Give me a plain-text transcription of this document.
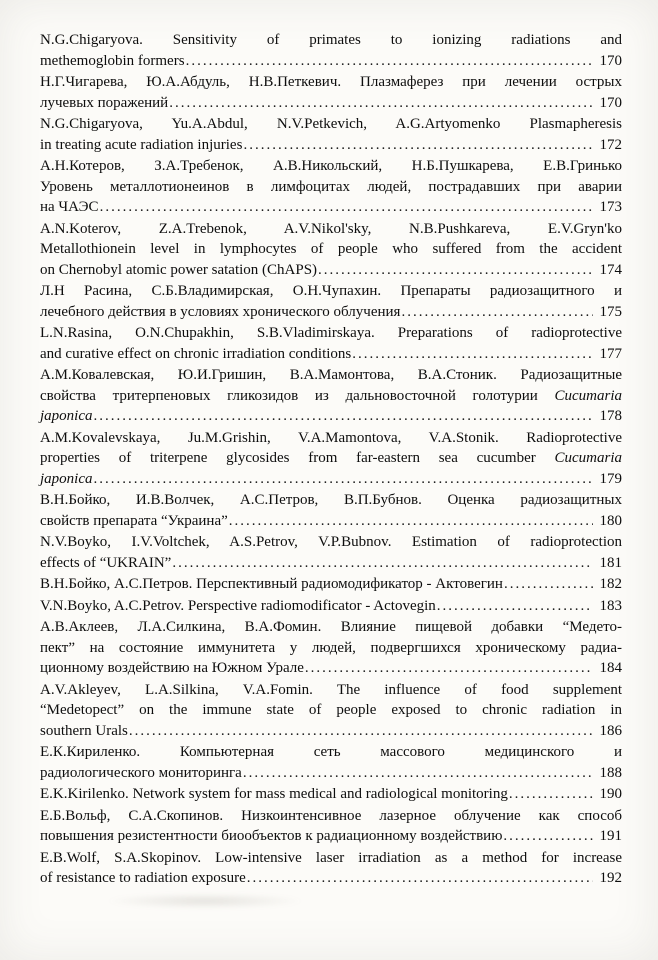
N.G.Chigaryova. Sensitivity of primates to ionizing radiations and
methemoglobin formers .....	170
Н.Г.Чигарева, Ю.А.Абдуль, Н.В.Петкевич. Плазмаферез при лечении острых
лучевых поражений .....	170
N.G.Chigaryova, Yu.A.Abdul, N.V.Petkevich, A.G.Artyomenko Plasmapheresis
in treating acute radiation injuries .....	172
А.Н.Котеров, З.А.Требенок, А.В.Никольский, Н.Б.Пушкарева, Е.В.Гринько
Уровень металлотионеинов в лимфоцитах людей, пострадавших при аварии
на ЧАЭС .....	173
A.N.Koterov, Z.A.Trebenok, A.V.Nikol'sky, N.B.Pushkareva, E.V.Gryn'ko
Metallothionein level in lymphocytes of people who suffered from the accident
on Chernobyl atomic power satation (ChAPS) .....	174
Л.Н Расина, С.Б.Владимирская, О.Н.Чупахин. Препараты радиозащитного и
лечебного действия в условиях хронического облучения .....	175
L.N.Rasina, O.N.Chupakhin, S.B.Vladimirskaya. Preparations of radioprotective
and curative effect on chronic irradiation conditions .....	177
А.М.Ковалевская, Ю.И.Гришин, В.А.Мамонтова, В.А.Стоник. Радиозащитные
свойства тритерпеновых гликозидов из дальновосточной голотурии Cucumaria
japonica .....	178
A.M.Kovalevskaya, Ju.M.Grishin, V.A.Mamontova, V.A.Stonik. Radioprotective
properties of triterpene glycosides from far-eastern sea cucumber Cucumaria
japonica .....	179
В.Н.Бойко, И.В.Волчек, А.С.Петров, В.П.Бубнов. Оценка радиозащитных
свойств препарата “Украина” .....	180
N.V.Boyko, I.V.Voltchek, A.S.Petrov, V.P.Bubnov. Estimation of radioprotection
effects of “UKRAIN” .....	181
В.Н.Бойко, А.С.Петров. Перспективный радиомодификатор - Актовегин .....	182
V.N.Boyko, A.C.Petrov. Perspective radiomodificator - Actovegin .....	183
А.В.Аклеев, Л.А.Силкина, В.А.Фомин. Влияние пищевой добавки “Медето-
пект” на состояние иммунитета у людей, подвергшихся хроническому радиа-
ционному воздействию на Южном Урале .....	184
A.V.Akleyev, L.A.Silkina, V.A.Fomin. The influence of food supplement
“Medetopect” on the immune state of people exposed to chronic radiation in
southern Urals .....	186
Е.К.Кириленко. Компьютерная сеть массового медицинского и
радиологического мониторинга .....	188
E.K.Kirilenko. Network system for mass medical and radiological monitoring .....	190
Е.Б.Вольф, С.А.Скопинов. Низкоинтенсивное лазерное облучение как способ
повышения резистентности биообъектов к радиационному воздействию .....	191
E.B.Wolf, S.A.Skopinov. Low-intensive laser irradiation as a method for increase
of resistance to radiation exposure .....	192
